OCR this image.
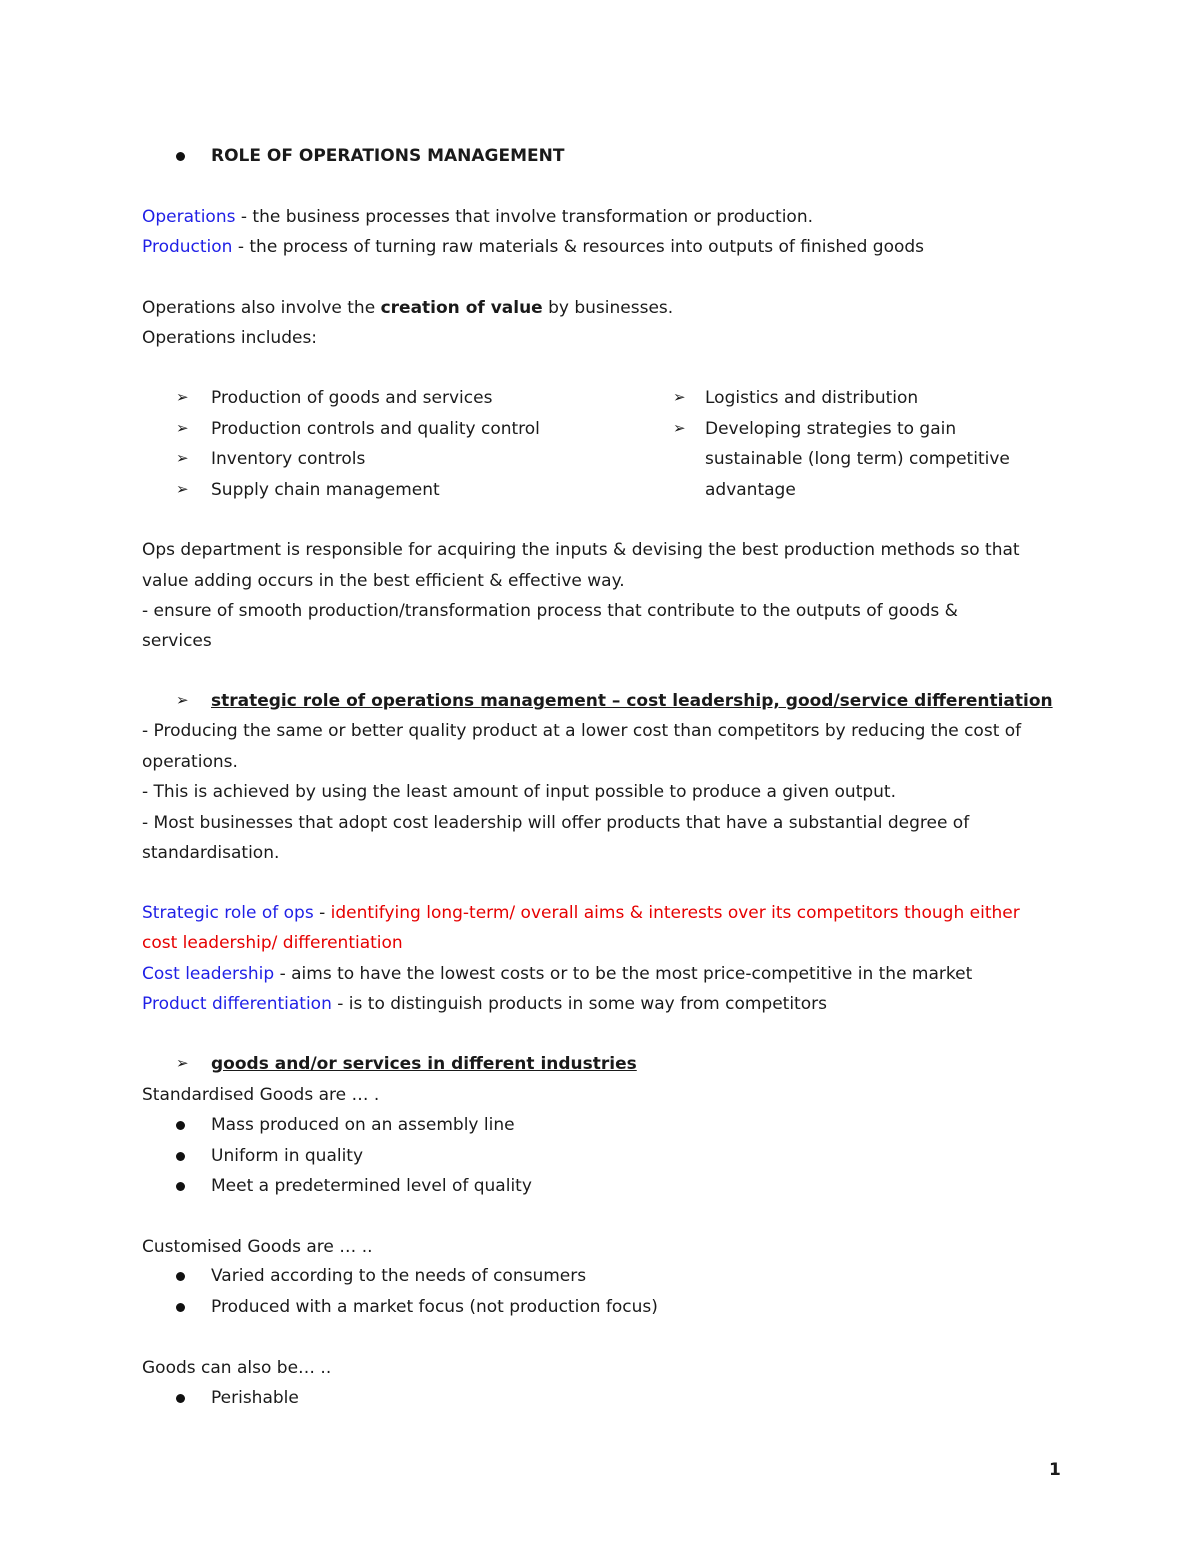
ROLE OF OPERATIONS MANAGEMENT
Operations - the business processes that involve transformation or production.
Production - the process of turning raw materials & resources into outputs of finished goods
Operations also involve the creation of value by businesses.
Operations includes:
➢ Production of goods and services
➢ Production controls and quality control
➢ Inventory controls
➢ Supply chain management
➢ Logistics and distribution
➢ Developing strategies to gain
sustainable (long term) competitive
advantage
Ops department is responsible for acquiring the inputs & devising the best production methods so that
value adding occurs in the best efficient & effective way.
- ensure of smooth production/transformation process that contribute to the outputs of goods &
services
➢ strategic role of operations management – cost leadership, good/service differentiation
- Producing the same or better quality product at a lower cost than competitors by reducing the cost of
operations.
- This is achieved by using the least amount of input possible to produce a given output.
- Most businesses that adopt cost leadership will offer products that have a substantial degree of
standardisation.
Strategic role of ops - identifying long-term/ overall aims & interests over its competitors though either
cost leadership/ differentiation
Cost leadership - aims to have the lowest costs or to be the most price-competitive in the market
Product differentiation - is to distinguish products in some way from competitors
➢ goods and/or services in different industries
Standardised Goods are … .
Mass produced on an assembly line
Uniform in quality
Meet a predetermined level of quality
Customised Goods are … ..
Varied according to the needs of consumers
Produced with a market focus (not production focus)
Goods can also be… ..
Perishable
1
